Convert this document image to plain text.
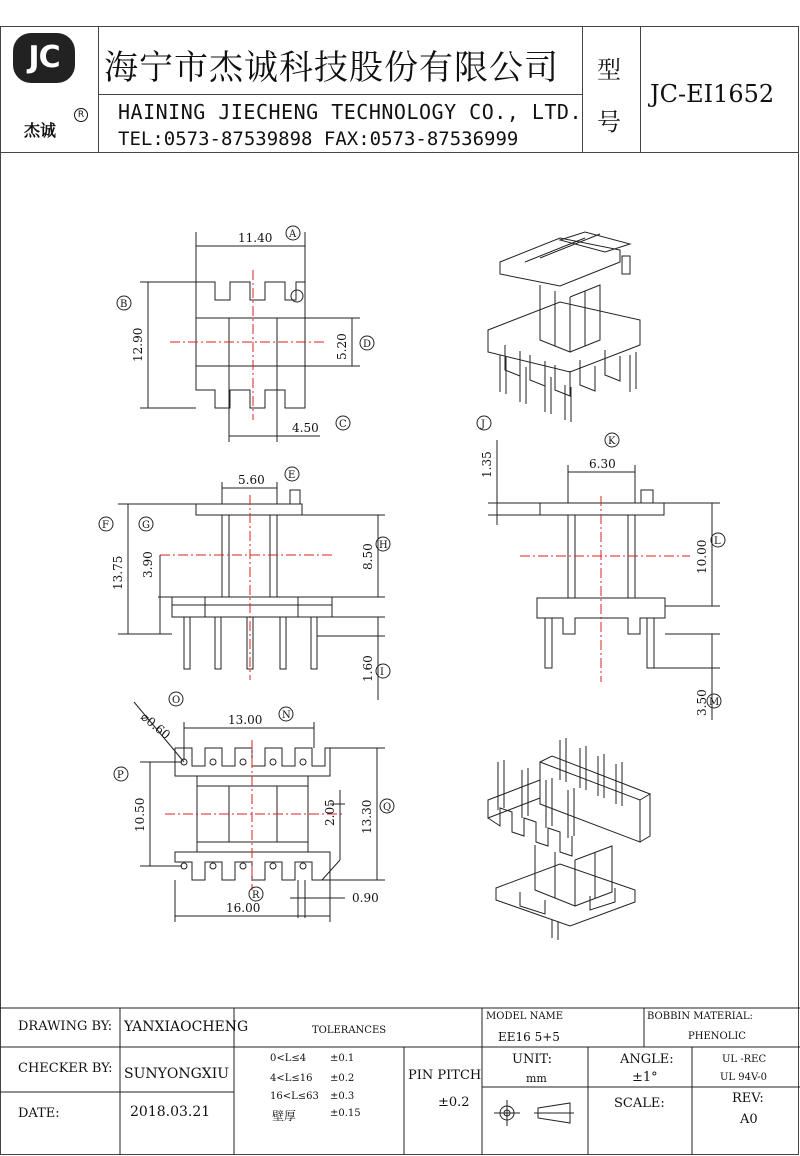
JC
杰诚
R
海宁市杰诚科技股份有限公司
HAINING JIECHENG TECHNOLOGY CO., LTD.
TEL:0573-87539898 FAX:0573-87536999
型
号
JC-EI1652
11.40
12.90
4.50
5.20
5.60
13.75 3.90	8.50
1.60
1.35	6.30
10.00
3.50
⌀0.60	13.00
10.50	2.05 13.30
16.00
0.90
A
B
C
D
E
F	G
H
I
J
K
L
M
N
O
P
Q
R
DRAWING BY: YANXIAOCHENG
CHECKER BY: SUNYONGXIU
DATE:	2018.03.21
TOLERANCES
0<L≤4 ±0.1
4<L≤16 ±0.2
16<L≤63 ±0.3
壁厚	±0.15
PIN PITCH
±0.2
MODEL NAME
EE16 5+5
BOBBIN MATERIAL:
PHENOLIC
UNIT:
mm
ANGLE:
±1°
UL -REC
UL 94V-0
SCALE:	REV:
A0
